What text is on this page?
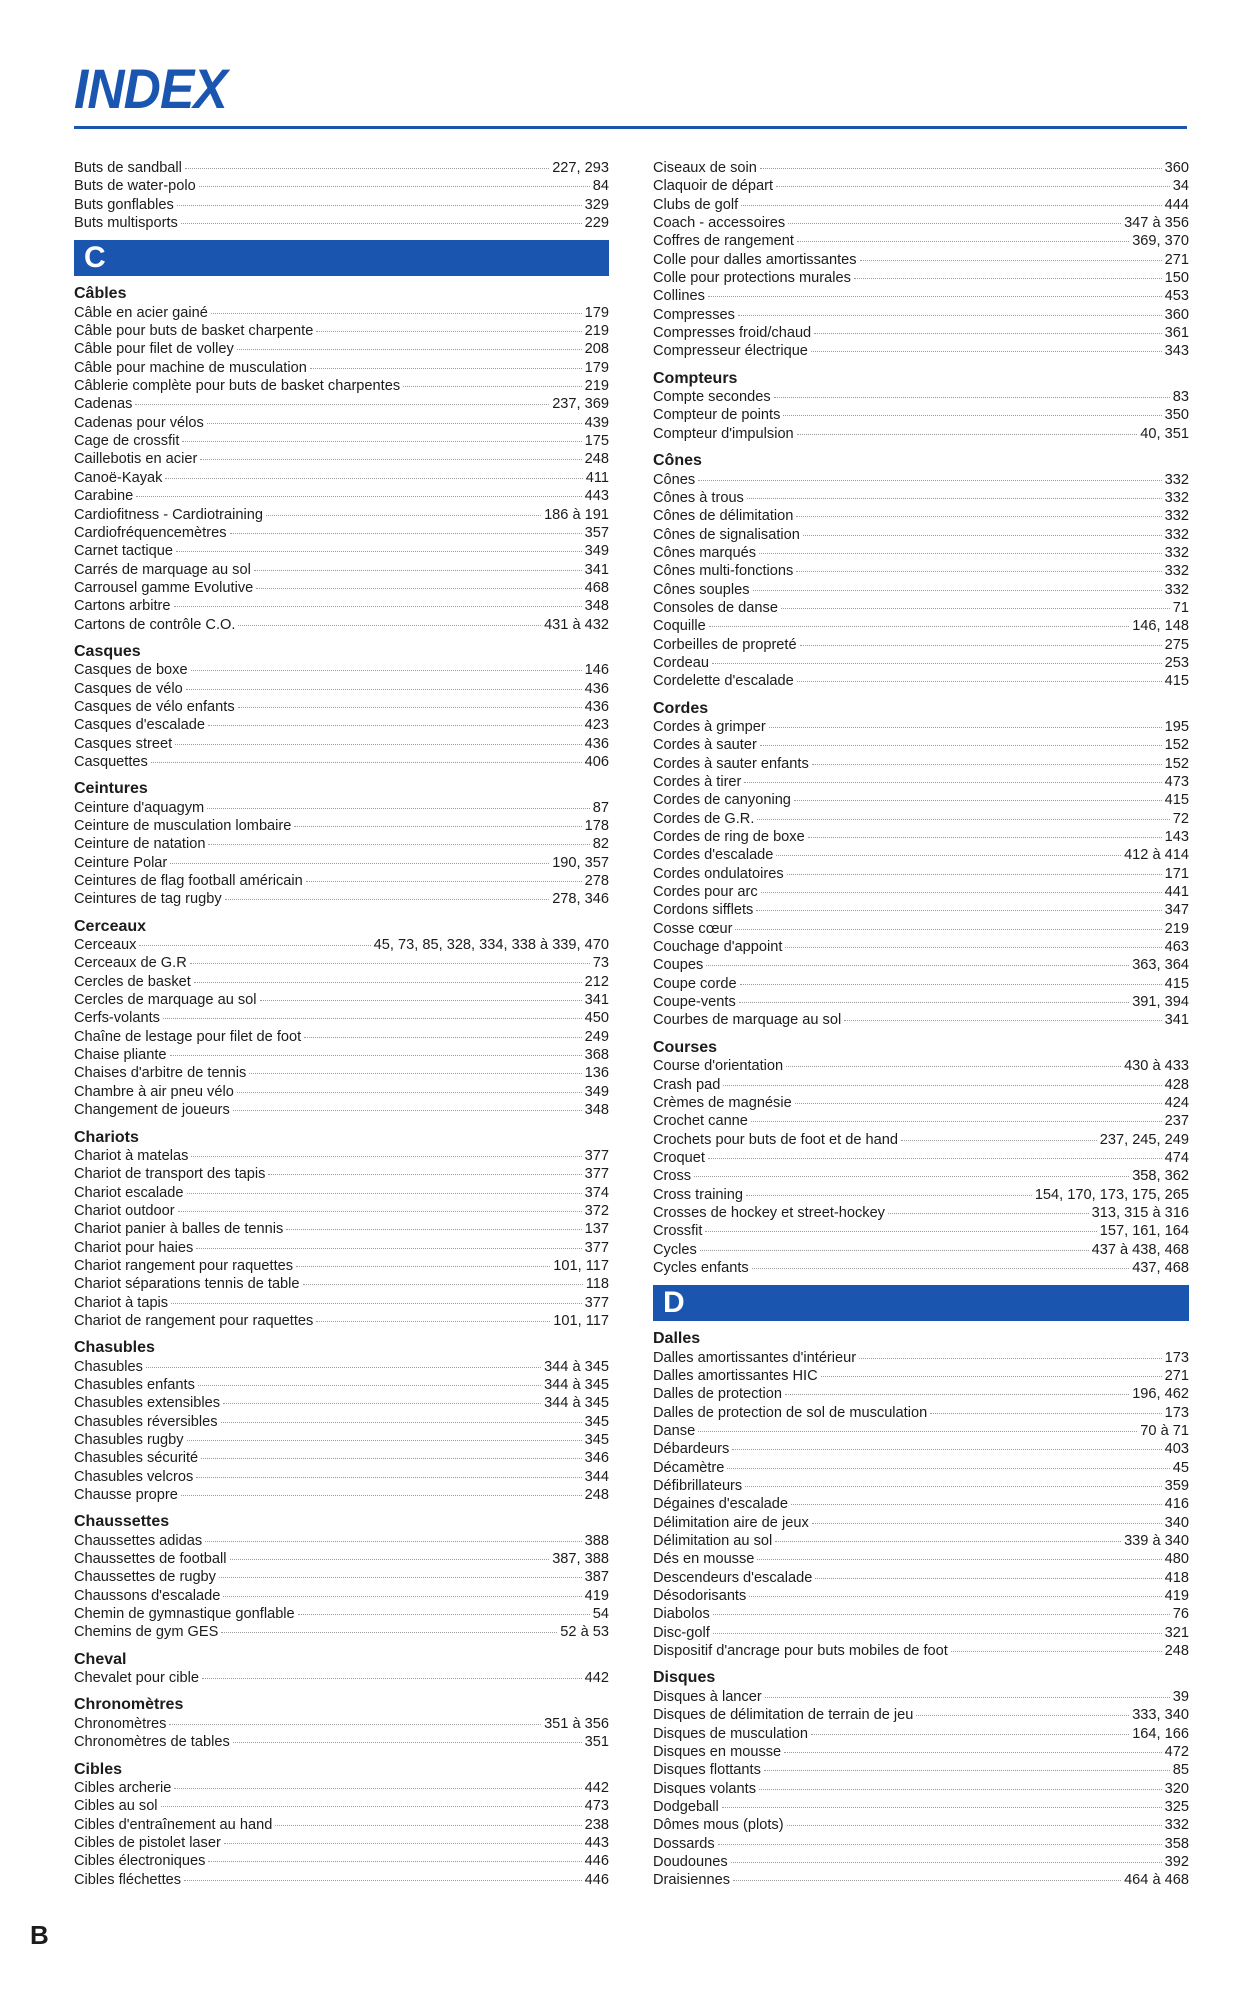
INDEX
Buts de sandball	227, 293
Buts de water-polo	84
Buts gonflables	329
Buts multisports	229
C
Câbles
Câble en acier gainé	179
Câble pour buts de basket charpente	219
Câble pour filet de volley	208
Câble pour machine de musculation	179
Câblerie complète pour buts de basket charpentes	219
Cadenas	237, 369
Cadenas pour vélos	439
Cage de crossfit	175
Caillebotis en acier	248
Canoë-Kayak	411
Carabine	443
Cardiofitness - Cardiotraining	186 à 191
Cardiofréquencemètres	357
Carnet tactique	349
Carrés de marquage au sol	341
Carrousel gamme Evolutive	468
Cartons arbitre	348
Cartons de contrôle C.O.	431 à 432
Casques
Casques de boxe	146
Casques de vélo	436
Casques de vélo enfants	436
Casques d'escalade	423
Casques street	436
Casquettes	406
Ceintures
Ceinture d'aquagym	87
Ceinture de musculation lombaire	178
Ceinture de natation	82
Ceinture Polar	190, 357
Ceintures de flag football américain	278
Ceintures de tag rugby	278, 346
Cerceaux
Cerceaux	45, 73, 85, 328, 334, 338 à 339, 470
Cerceaux de G.R	73
Cercles de basket	212
Cercles de marquage au sol	341
Cerfs-volants	450
Chaîne de lestage pour filet de foot	249
Chaise pliante	368
Chaises d'arbitre de tennis	136
Chambre à air pneu vélo	349
Changement de joueurs	348
Chariots
Chariot à matelas	377
Chariot de transport des tapis	377
Chariot escalade	374
Chariot outdoor	372
Chariot panier à balles de tennis	137
Chariot pour haies	377
Chariot rangement pour raquettes	101, 117
Chariot séparations tennis de table	118
Chariot à tapis	377
Chariot de rangement pour raquettes	101, 117
Chasubles
Chasubles	344 à 345
Chasubles enfants	344 à 345
Chasubles extensibles	344 à 345
Chasubles réversibles	345
Chasubles rugby	345
Chasubles sécurité	346
Chasubles velcros	344
Chausse propre	248
Chaussettes
Chaussettes adidas	388
Chaussettes de football	387, 388
Chaussettes de rugby	387
Chaussons d'escalade	419
Chemin de gymnastique gonflable	54
Chemins de gym GES	52 à 53
Cheval
Chevalet pour cible	442
Chronomètres
Chronomètres	351 à 356
Chronomètres de tables	351
Cibles
Cibles archerie	442
Cibles au sol	473
Cibles d'entraînement au hand	238
Cibles de pistolet laser	443
Cibles électroniques	446
Cibles fléchettes	446
Ciseaux de soin	360
Claquoir de départ	34
Clubs de golf	444
Coach - accessoires	347 à 356
Coffres de rangement	369, 370
Colle pour dalles amortissantes	271
Colle pour protections murales	150
Collines	453
Compresses	360
Compresses froid/chaud	361
Compresseur électrique	343
Compteurs
Compte secondes	83
Compteur de points	350
Compteur d'impulsion	40, 351
Cônes
Cônes	332
Cônes à trous	332
Cônes de délimitation	332
Cônes de signalisation	332
Cônes marqués	332
Cônes multi-fonctions	332
Cônes souples	332
Consoles de danse	71
Coquille	146, 148
Corbeilles de propreté	275
Cordeau	253
Cordelette d'escalade	415
Cordes
Cordes à grimper	195
Cordes à sauter	152
Cordes à sauter enfants	152
Cordes à tirer	473
Cordes de canyoning	415
Cordes de G.R.	72
Cordes de ring de boxe	143
Cordes d'escalade	412 à 414
Cordes ondulatoires	171
Cordes pour arc	441
Cordons sifflets	347
Cosse cœur	219
Couchage d'appoint	463
Coupes	363, 364
Coupe corde	415
Coupe-vents	391, 394
Courbes de marquage au sol	341
Courses
Course d'orientation	430 à 433
Crash pad	428
Crèmes de magnésie	424
Crochet canne	237
Crochets pour buts de foot et de hand	237, 245, 249
Croquet	474
Cross	358, 362
Cross training	154, 170, 173, 175, 265
Crosses de hockey et street-hockey	313, 315 à 316
Crossfit	157, 161, 164
Cycles	437 à 438, 468
Cycles enfants	437, 468
D
Dalles
Dalles amortissantes d'intérieur	173
Dalles amortissantes HIC	271
Dalles de protection	196, 462
Dalles de protection de sol de musculation	173
Danse	70 à 71
Débardeurs	403
Décamètre	45
Défibrillateurs	359
Dégaines d'escalade	416
Délimitation aire de jeux	340
Délimitation au sol	339 à 340
Dés en mousse	480
Descendeurs d'escalade	418
Désodorisants	419
Diabolos	76
Disc-golf	321
Dispositif d'ancrage pour buts mobiles de foot	248
Disques
Disques à lancer	39
Disques de délimitation de terrain de jeu	333, 340
Disques de musculation	164, 166
Disques en mousse	472
Disques flottants	85
Disques volants	320
Dodgeball	325
Dômes mous (plots)	332
Dossards	358
Doudounes	392
Draisiennes	464 à 468
B
